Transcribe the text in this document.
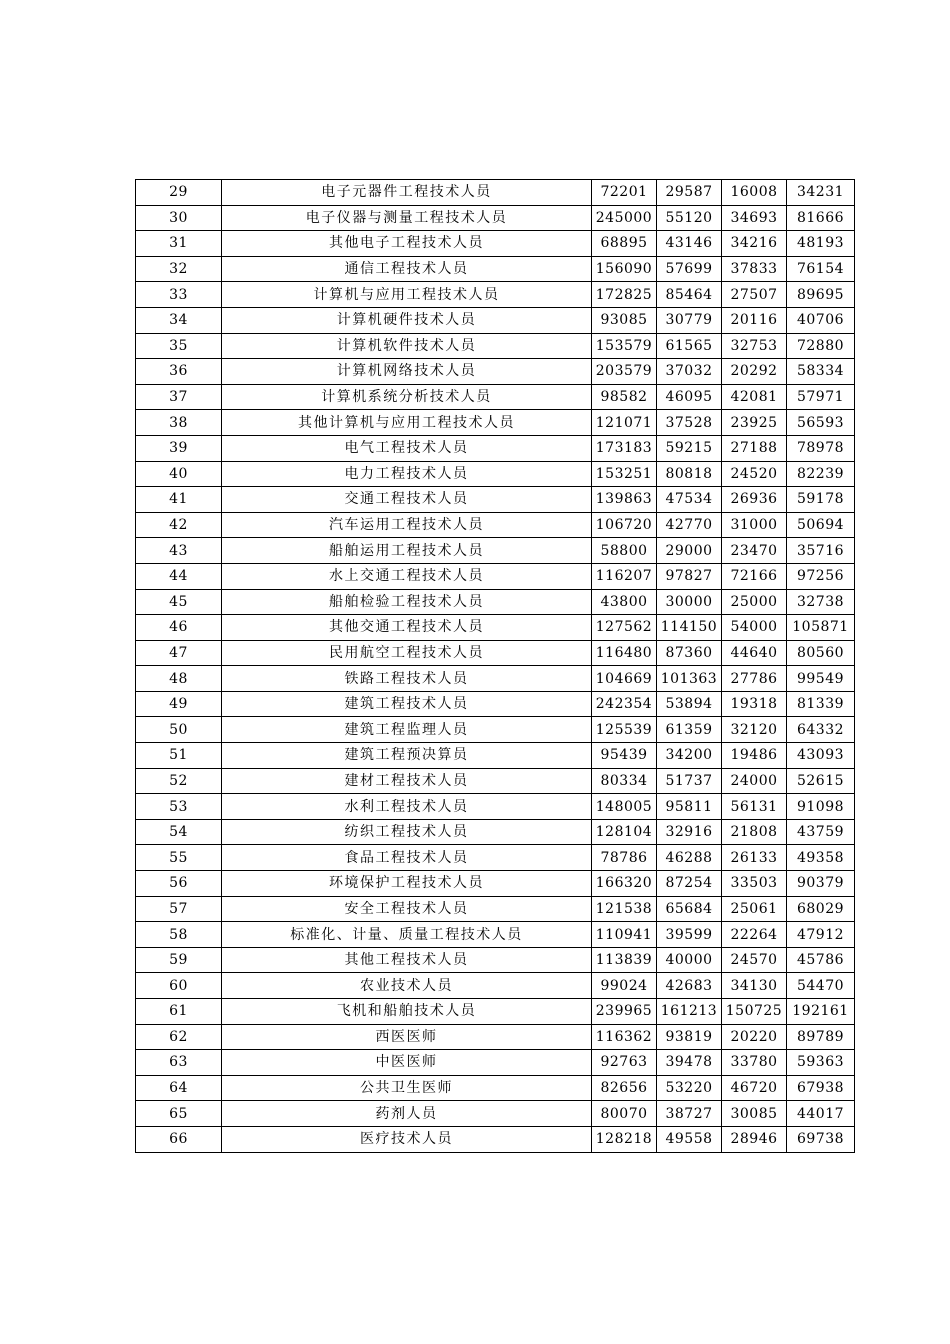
29	电子元器件工程技术人员	72201	29587	16008	34231
30	电子仪器与测量工程技术人员	245000	55120	34693	81666
31	其他电子工程技术人员	68895	43146	34216	48193
32	通信工程技术人员	156090	57699	37833	76154
33	计算机与应用工程技术人员	172825	85464	27507	89695
34	计算机硬件技术人员	93085	30779	20116	40706
35	计算机软件技术人员	153579	61565	32753	72880
36	计算机网络技术人员	203579	37032	20292	58334
37	计算机系统分析技术人员	98582	46095	42081	57971
38	其他计算机与应用工程技术人员	121071	37528	23925	56593
39	电气工程技术人员	173183	59215	27188	78978
40	电力工程技术人员	153251	80818	24520	82239
41	交通工程技术人员	139863	47534	26936	59178
42	汽车运用工程技术人员	106720	42770	31000	50694
43	船舶运用工程技术人员	58800	29000	23470	35716
44	水上交通工程技术人员	116207	97827	72166	97256
45	船舶检验工程技术人员	43800	30000	25000	32738
46	其他交通工程技术人员	127562	114150	54000	105871
47	民用航空工程技术人员	116480	87360	44640	80560
48	铁路工程技术人员	104669	101363	27786	99549
49	建筑工程技术人员	242354	53894	19318	81339
50	建筑工程监理人员	125539	61359	32120	64332
51	建筑工程预决算员	95439	34200	19486	43093
52	建材工程技术人员	80334	51737	24000	52615
53	水利工程技术人员	148005	95811	56131	91098
54	纺织工程技术人员	128104	32916	21808	43759
55	食品工程技术人员	78786	46288	26133	49358
56	环境保护工程技术人员	166320	87254	33503	90379
57	安全工程技术人员	121538	65684	25061	68029
58	标准化、计量、质量工程技术人员	110941	39599	22264	47912
59	其他工程技术人员	113839	40000	24570	45786
60	农业技术人员	99024	42683	34130	54470
61	飞机和船舶技术人员	239965	161213	150725	192161
62	西医医师	116362	93819	20220	89789
63	中医医师	92763	39478	33780	59363
64	公共卫生医师	82656	53220	46720	67938
65	药剂人员	80070	38727	30085	44017
66	医疗技术人员	128218	49558	28946	69738
